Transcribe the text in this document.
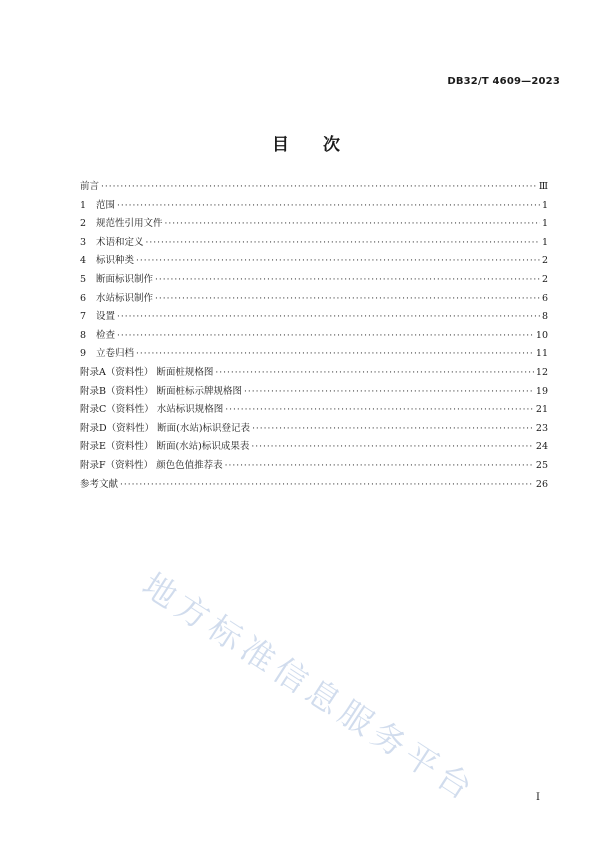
DB32/T 4609—2023
目 次
前言 ·····	Ⅲ
1	范围 ·····	1
2	规范性引用文件 ·····	1
3	术语和定义 ·····	1
4	标识种类 ·····	2
5	断面标识制作 ·····	2
6	水站标识制作 ·····	6
7	设置 ·····	8
8	检查 ·····	10
9	立卷归档 ·····	11
附录A（资料性） 断面桩规格图 ·····	12
附录B（资料性） 断面桩标示牌规格图 ·····	19
附录C（资料性） 水站标识规格图 ·····	21
附录D（资料性） 断面(水站)标识登记表 ·····	23
附录E（资料性） 断面(水站)标识成果表 ·····	24
附录F（资料性） 颜色色值推荐表 ·····	25
参考文献 ·····	26
地方标准信息服务平台	I
